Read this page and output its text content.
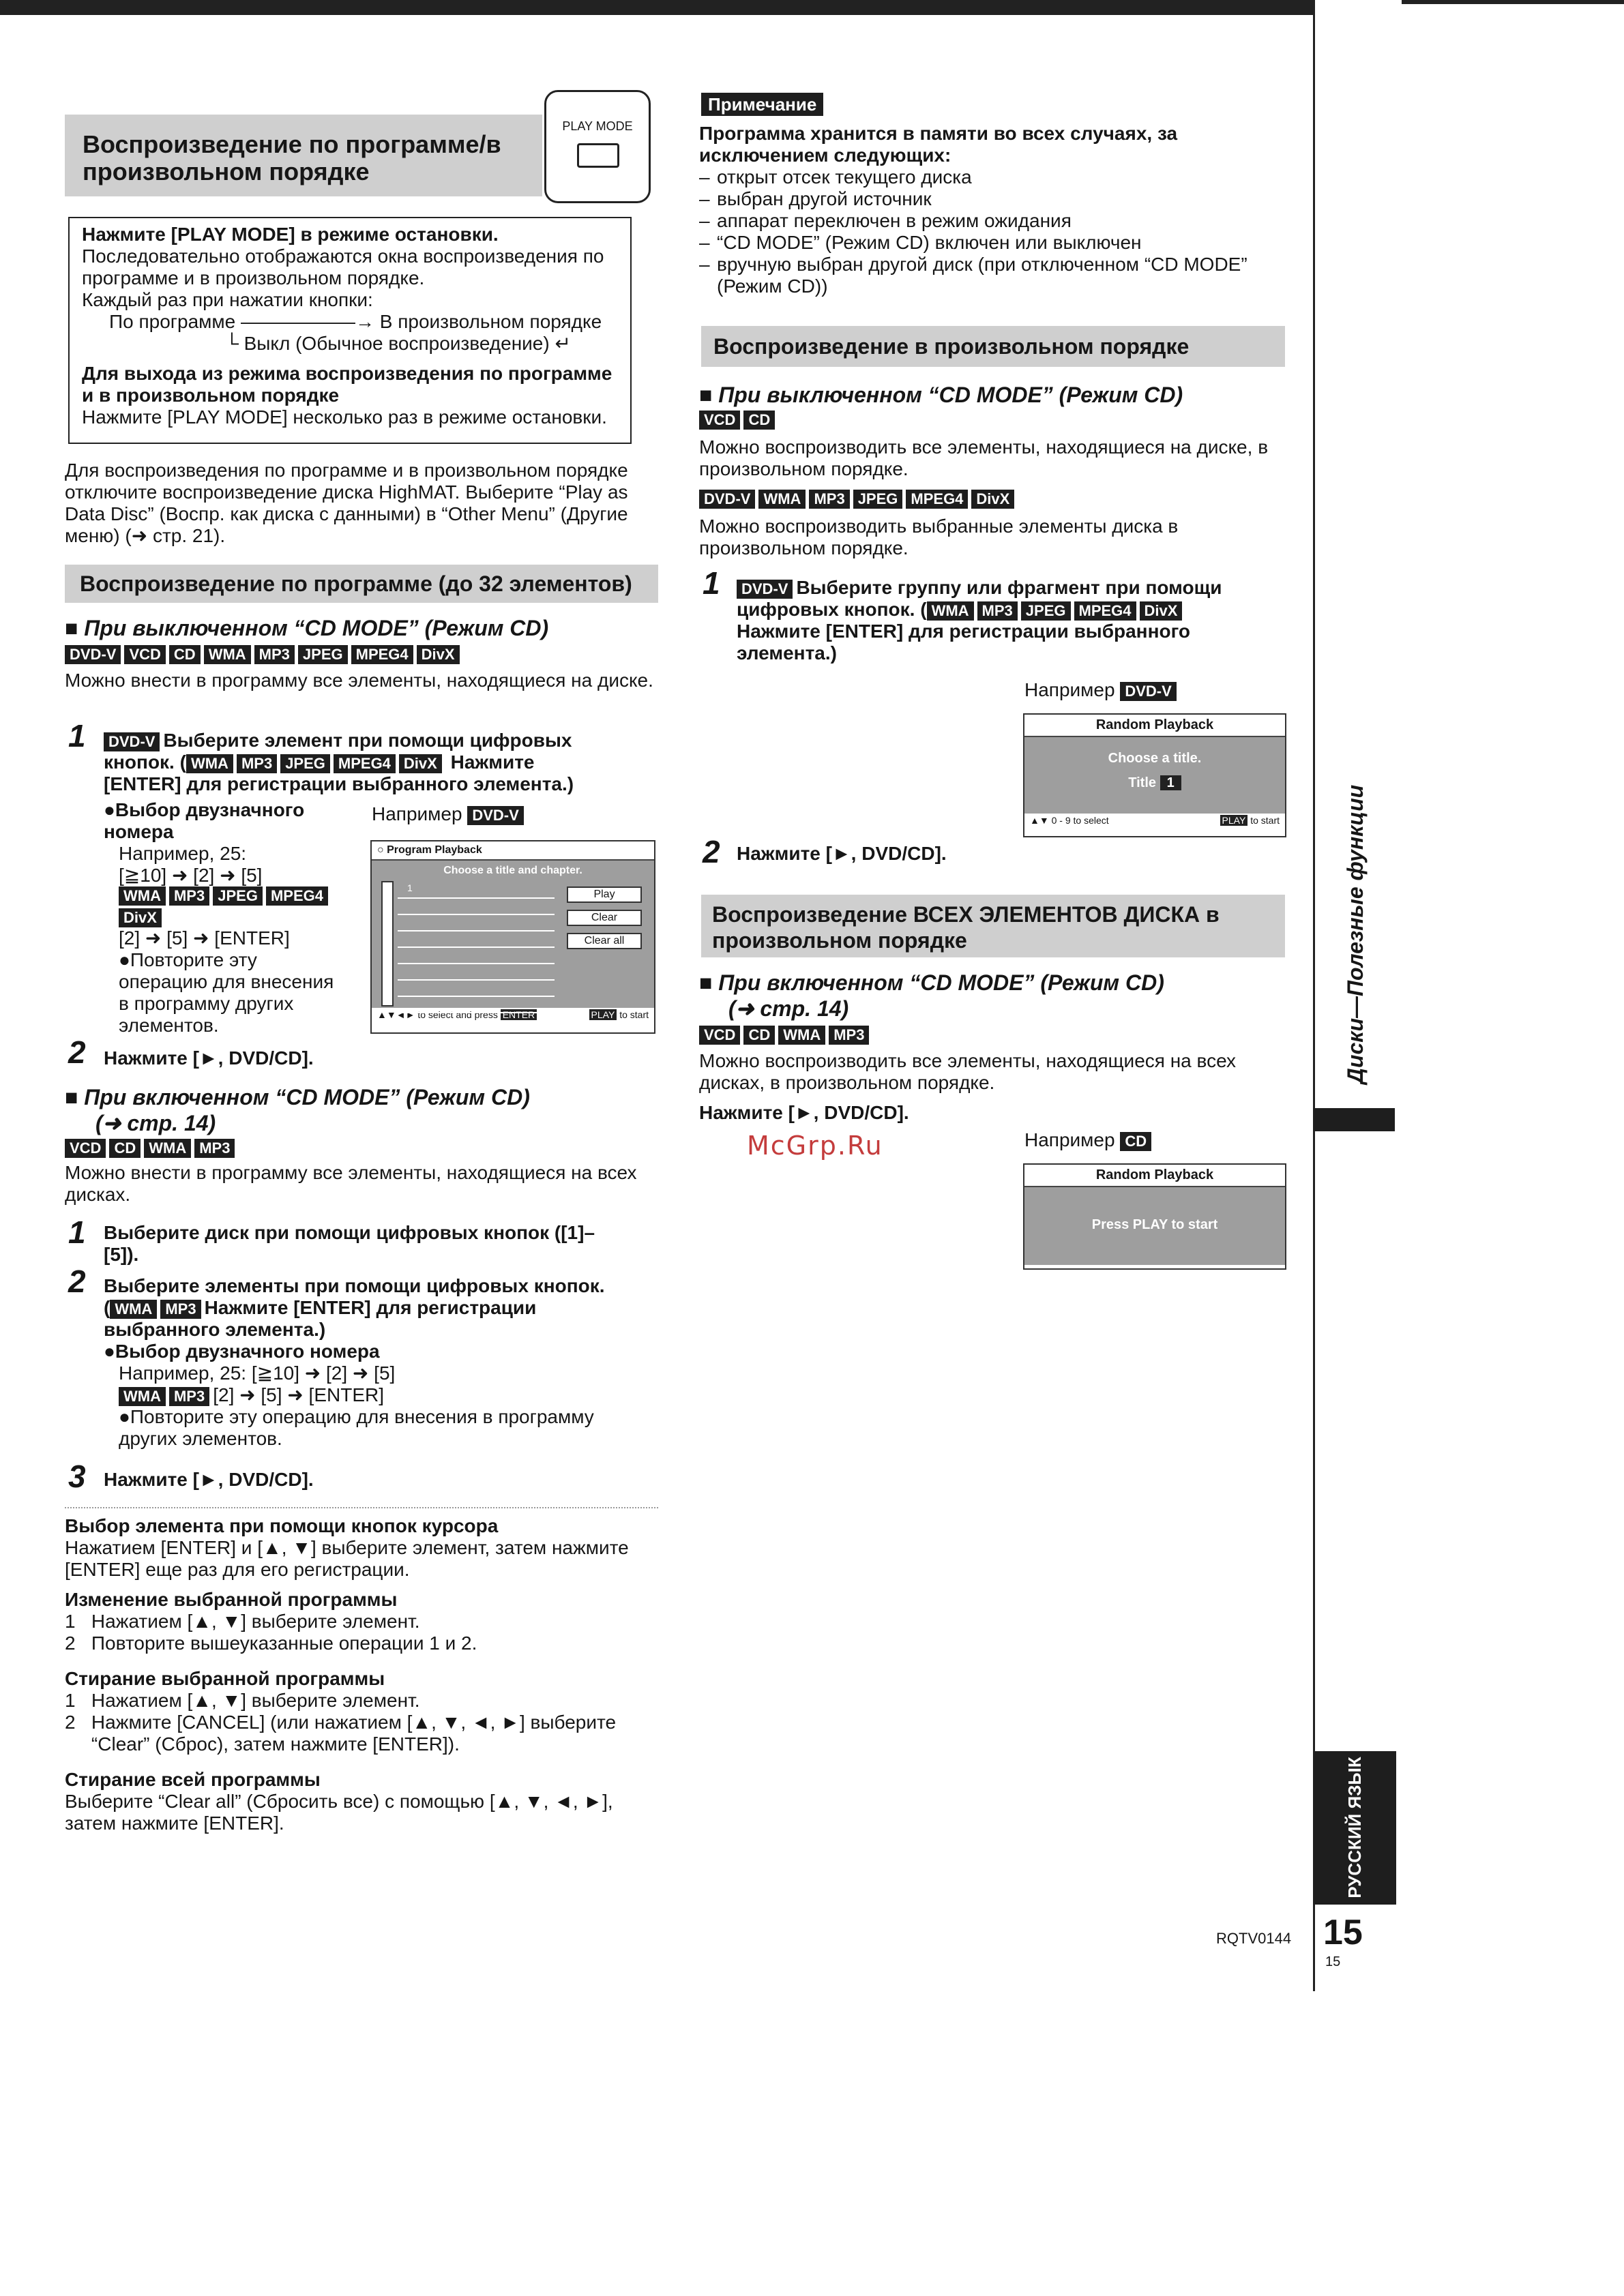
Воспроизведение по программе/в произвольном порядке
PLAY MODE

Нажмите [PLAY MODE] в режиме остановки.

Последовательно отображаются окна воспроизведения по программе и в произвольном порядке.

Каждый раз при нажатии кнопки:

По программе ——————→ В произвольном порядке
└ Выкл (Обычное воспроизведение) ↵

Для выхода из режима воспроизведения по программе и в произвольном порядке

Нажмите [PLAY MODE] несколько раз в режиме остановки.

Для воспроизведения по программе и в произвольном порядке отключите воспроизведение диска HighMAT. Выберите “Play as Data Disc” (Воспр. как диска с данными) в “Other Menu” (Другие меню) (➜ стр. 21).

Воспроизведение по программе (до 32 элементов)
■ При выключенном “CD MODE” (Режим CD)
DVD-V VCD CD WMA MP3 JPEG MPEG4 DivX

Можно внести в программу все элементы, находящиеся на диске.

1	DVD-V Выберите элемент при помощи цифровых
кнопок. ( WMA MP3 JPEG MPEG4 DivX Нажмите
[ENTER] для регистрации выбранного элемента.)
●Выбор двузначного номера
Например, 25:
[≧10] ➜ [2] ➜ [5]
WMA MP3 JPEG MPEG4
DivX
[2] ➜ [5] ➜ [ENTER]
●Повторите эту операцию для внесения в программу других элементов.
Например DVD-V
○ Program Playback
Choose a title and chapter.
1
Play
Clear
Clear all
▲▼◄► to select and press ENTER	PLAY to start
2 Нажмите [►, DVD/CD].
■ При включенном “CD MODE” (Режим CD)
(➜ стр. 14)
VCD CD WMA MP3

Можно внести в программу все элементы, находящиеся на всех дисках.

1 Выберите диск при помощи цифровых кнопок ([1]–[5]).

2 Выберите элементы при помощи цифровых кнопок.
( WMA MP3 Нажмите [ENTER] для регистрации выбранного элемента.)
●Выбор двузначного номера
Например, 25: [≧10] ➜ [2] ➜ [5]
WMA MP3 [2] ➜ [5] ➜ [ENTER]
●Повторите эту операцию для внесения в программу других элементов.
3 Нажмите [►, DVD/CD].
Выбор элемента при помощи кнопок курсора
Нажатием [ENTER] и [▲, ▼] выберите элемент, затем нажмите [ENTER] еще раз для его регистрации.
Изменение выбранной программы
1   Нажатием [▲, ▼] выберите элемент.
2   Повторите вышеуказанные операции 1 и 2.
Стирание выбранной программы
1   Нажатием [▲, ▼] выберите элемент.
2 Нажмите [CANCEL] (или нажатием [▲, ▼, ◄, ►] выберите “Clear” (Сброс), затем нажмите [ENTER]).
Стирание всей программы
Выберите “Clear all” (Сбросить все) с помощью [▲, ▼, ◄, ►], затем нажмите [ENTER].
Примечание

Программа хранится в памяти во всех случаях, за исключением следующих:

– открыт отсек текущего диска
– выбран другой источник
– аппарат переключен в режим ожидания
– “CD MODE” (Режим CD) включен или выключен
– вручную выбран другой диск (при отключенном “CD MODE” (Режим CD))
Воспроизведение в произвольном порядке
■ При выключенном “CD MODE” (Режим CD)
VCD CD

Можно воспроизводить все элементы, находящиеся на диске, в произвольном порядке.

DVD-V WMA MP3 JPEG MPEG4 DivX

Можно воспроизводить выбранные элементы диска в произвольном порядке.

1	DVD-V Выберите группу или фрагмент при помощи
цифровых кнопок. ( WMA MP3 JPEG MPEG4 DivX
Нажмите [ENTER] для регистрации выбранного элемента.)
Например DVD-V
Random Playback
Choose a title.
Title 1
▲▼ 0 - 9 to select	PLAY to start
2 Нажмите [►, DVD/CD].
Воспроизведение ВСЕХ ЭЛЕМЕНТОВ ДИСКА в произвольном порядке
■ При включенном “CD MODE” (Режим CD)
(➜ стр. 14)
VCD CD WMA MP3

Можно воспроизводить все элементы, находящиеся на всех дисках, в произвольном порядке.

Нажмите [►, DVD/CD].
McGrp.Ru	Например CD
Random Playback
Press PLAY to start
Диски—Полезные функции
РУССКИЙ ЯЗЫК
RQTV0144 15
15
